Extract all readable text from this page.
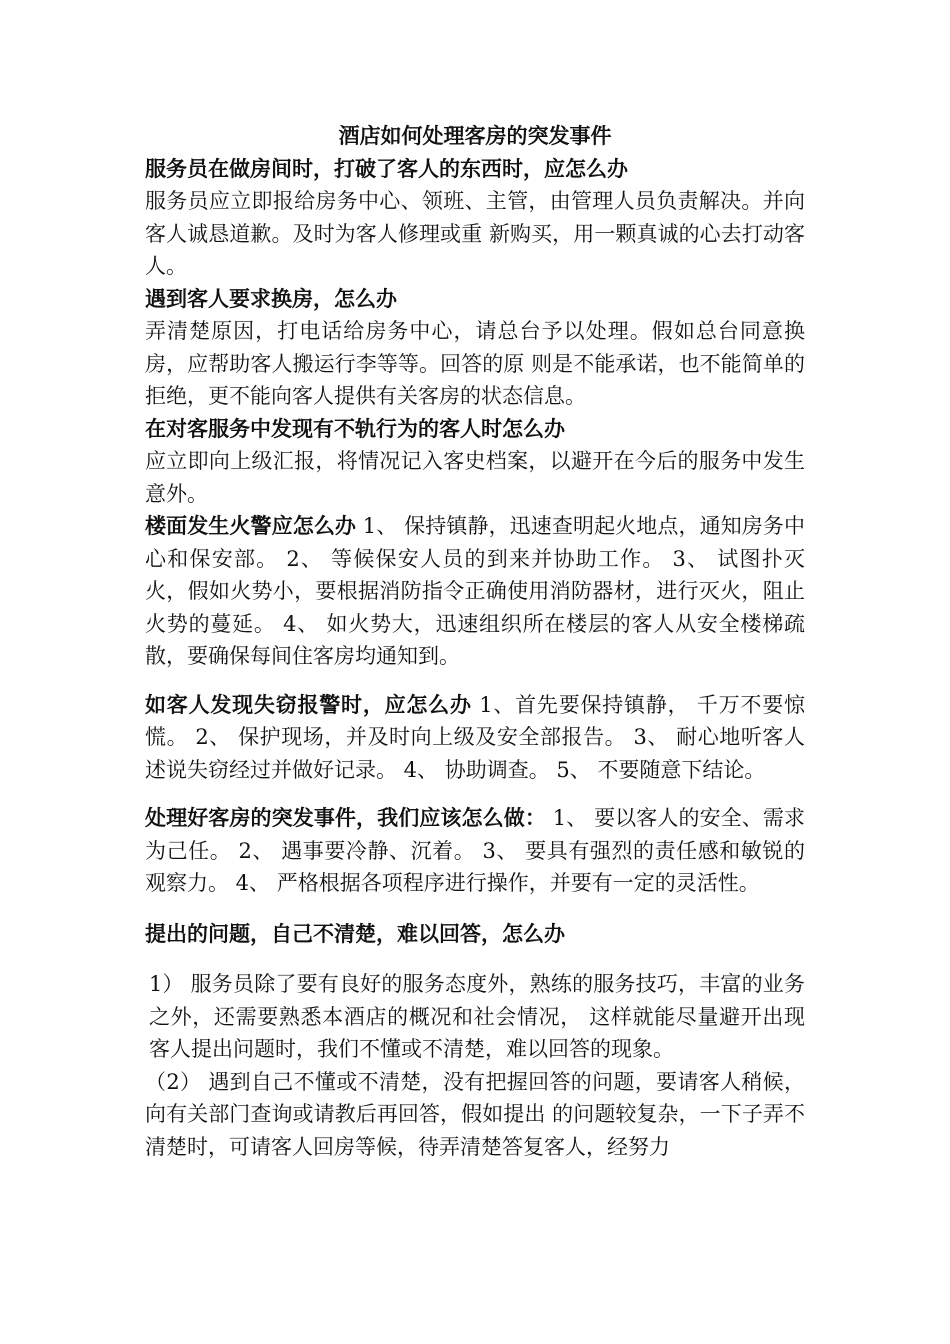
酒店如何处理客房的突发事件

服务员在做房间时，打破了客人的东西时，应怎么办

服务员应立即报给房务中心、领班、主管，由管理人员负责解决。并向客人诚恳道歉。及时为客人修理或重 新购买，用一颗真诚的心去打动客人。

遇到客人要求换房，怎么办

弄清楚原因，打电话给房务中心，请总台予以处理。假如总台同意换房，应帮助客人搬运行李等等。回答的原 则是不能承诺，也不能简单的拒绝，更不能向客人提供有关客房的状态信息。

在对客服务中发现有不轨行为的客人时怎么办

应立即向上级汇报，将情况记入客史档案，以避开在今后的服务中发生意外。

楼面发生火警应怎么办 1、 保持镇静，迅速查明起火地点，通知房务中心和保安部。 2、 等候保安人员的到来并协助工作。 3、 试图扑灭火，假如火势小，要根据消防指令正确使用消防器材，进行灭火，阻止火势的蔓延。 4、 如火势大，迅速组织所在楼层的客人从安全楼梯疏散，要确保每间住客房均通知到。

如客人发现失窃报警时，应怎么办 1、首先要保持镇静， 千万不要惊慌。 2、 保护现场，并及时向上级及安全部报告。 3、 耐心地听客人述说失窃经过并做好记录。 4、 协助调查。 5、 不要随意下结论。

处理好客房的突发事件，我们应该怎么做： 1、 要以客人的安全、需求为己任。 2、 遇事要冷静、沉着。 3、 要具有强烈的责任感和敏锐的观察力。 4、 严格根据各项程序进行操作，并要有一定的灵活性。

提出的问题，自己不清楚，难以回答，怎么办

1） 服务员除了要有良好的服务态度外，熟练的服务技巧，丰富的业务之外，还需要熟悉本酒店的概况和社会情况， 这样就能尽量避开出现客人提出问题时，我们不懂或不清楚，难以回答的现象。

（2） 遇到自己不懂或不清楚，没有把握回答的问题，要请客人稍候，向有关部门查询或请教后再回答，假如提出 的问题较复杂，一下子弄不清楚时，可请客人回房等候，待弄清楚答复客人，经努力
